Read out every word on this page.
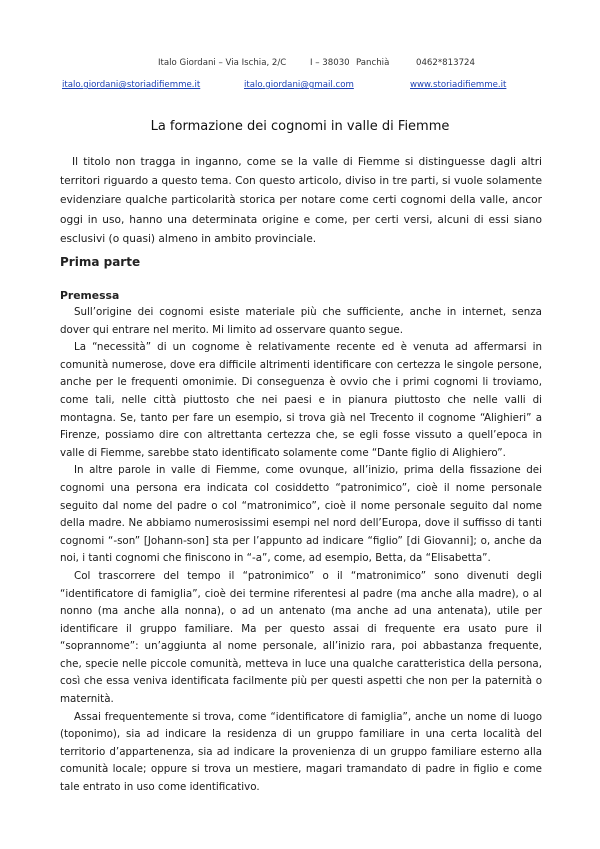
Italo Giordani – Via Ischia, 2/C	I – 38030 Panchià	0462*813724
italo.giordani@storiadifiemme.it	italo.giordani@gmail.com	www.storiadifiemme.it
La formazione dei cognomi in valle di Fiemme

Il titolo non tragga in inganno, come se la valle di Fiemme si distinguesse dagli altri territori riguardo a questo tema. Con questo articolo, diviso in tre parti, si vuole solamente evidenziare qualche particolarità storica per notare come certi cognomi della valle, ancor oggi in uso, hanno una determinata origine e come, per certi versi, alcuni di essi siano esclusivi (o quasi) almeno in ambito provinciale.

Prima parte
Premessa

Sull’origine dei cognomi esiste materiale più che sufficiente, anche in internet, senza dover qui entrare nel merito. Mi limito ad osservare quanto segue.

La “necessità” di un cognome è relativamente recente ed è venuta ad affermarsi in comunità numerose, dove era difficile altrimenti identificare con certezza le singole persone, anche per le frequenti omonimie. Di conseguenza è ovvio che i primi cognomi li troviamo, come tali, nelle città piuttosto che nei paesi e in pianura piuttosto che nelle valli di montagna. Se, tanto per fare un esempio, si trova già nel Trecento il cognome “Alighieri” a Firenze, possiamo dire con altrettanta certezza che, se egli fosse vissuto a quell’epoca in valle di Fiemme, sarebbe stato identificato solamente come “Dante figlio di Alighiero”.

In altre parole in valle di Fiemme, come ovunque, all’inizio, prima della fissazione dei cognomi una persona era indicata col cosiddetto “patronimico”, cioè il nome personale seguito dal nome del padre o col “matronimico”, cioè il nome personale seguito dal nome della madre. Ne abbiamo numerosissimi esempi nel nord dell’Europa, dove il suffisso di tanti cognomi “-son” [Johann-son] sta per l’appunto ad indicare “figlio” [di Giovanni]; o, anche da noi, i tanti cognomi che finiscono in “-a”, come, ad esempio, Betta, da “Elisabetta”.

Col trascorrere del tempo il “patronimico” o il “matronimico” sono divenuti degli “identificatore di famiglia”, cioè dei termine riferentesi al padre (ma anche alla madre), o al nonno (ma anche alla nonna), o ad un antenato (ma anche ad una antenata), utile per identificare il gruppo familiare. Ma per questo assai di frequente era usato pure il “soprannome”: un’aggiunta al nome personale, all’inizio rara, poi abbastanza frequente, che, specie nelle piccole comunità, metteva in luce una qualche caratteristica della persona, così che essa veniva identificata facilmente più per questi aspetti che non per la paternità o maternità.

Assai frequentemente si trova, come “identificatore di famiglia”, anche un nome di luogo (toponimo), sia ad indicare la residenza di un gruppo familiare in una certa località del territorio d’appartenenza, sia ad indicare la provenienza di un gruppo familiare esterno alla comunità locale; oppure si trova un mestiere, magari tramandato di padre in figlio e come tale entrato in uso come identificativo.
